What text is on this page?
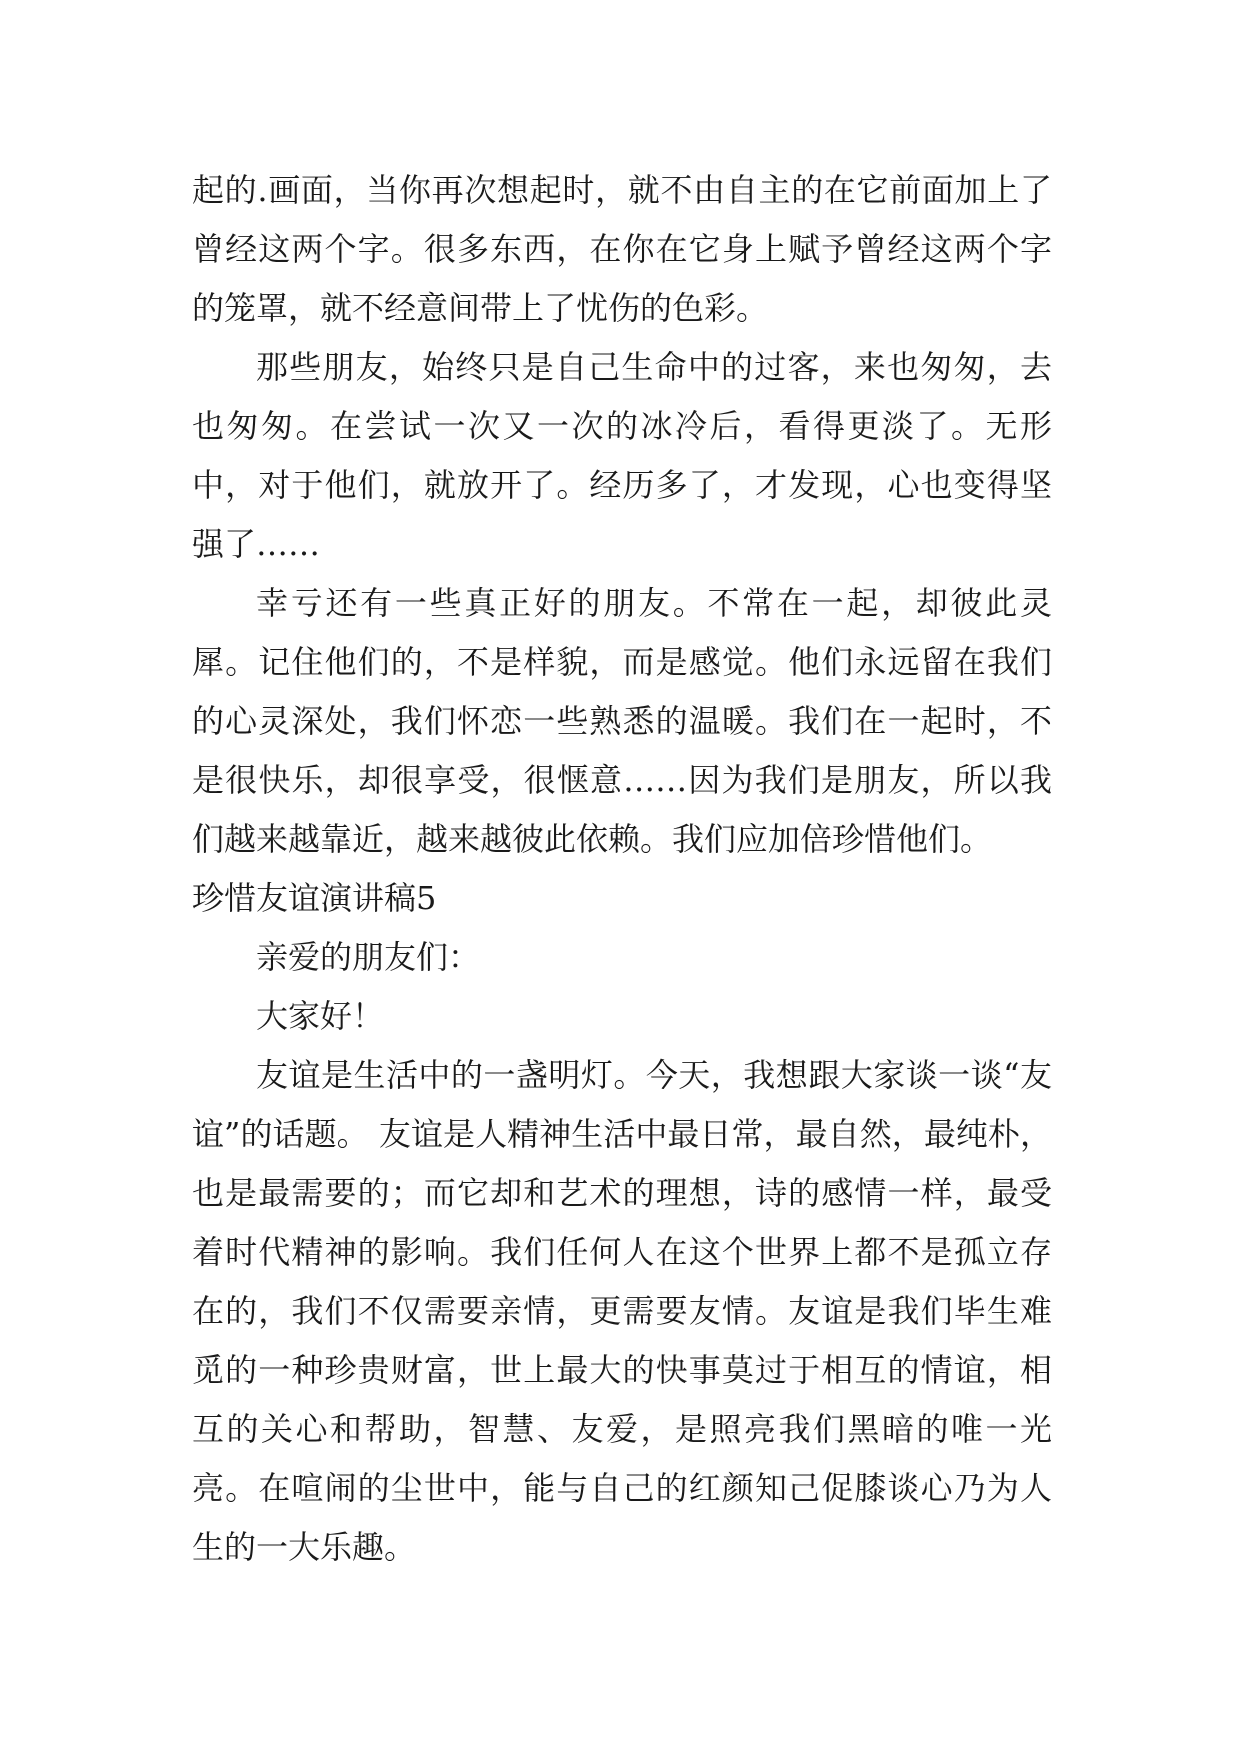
起的.画面，当你再次想起时，就不由自主的在它前面加上了曾经这两个字。很多东西，在你在它身上赋予曾经这两个字的笼罩，就不经意间带上了忧伤的色彩。

那些朋友，始终只是自己生命中的过客，来也匆匆，去也匆匆。在尝试一次又一次的冰冷后，看得更淡了。无形中，对于他们，就放开了。经历多了，才发现，心也变得坚强了……

幸亏还有一些真正好的朋友。不常在一起，却彼此灵犀。记住他们的，不是样貌，而是感觉。他们永远留在我们的心灵深处，我们怀恋一些熟悉的温暖。我们在一起时，不是很快乐，却很享受，很惬意……因为我们是朋友，所以我们越来越靠近，越来越彼此依赖。我们应加倍珍惜他们。

珍惜友谊演讲稿5

亲爱的朋友们：

大家好！

友谊是生活中的一盏明灯。今天，我想跟大家谈一谈“友谊”的话题。 友谊是人精神生活中最日常，最自然，最纯朴，也是最需要的；而它却和艺术的理想，诗的感情一样，最受着时代精神的影响。我们任何人在这个世界上都不是孤立存在的，我们不仅需要亲情，更需要友情。友谊是我们毕生难觅的一种珍贵财富，世上最大的快事莫过于相互的情谊，相互的关心和帮助，智慧、友爱，是照亮我们黑暗的唯一光亮。在喧闹的尘世中，能与自己的红颜知己促膝谈心乃为人生的一大乐趣。
